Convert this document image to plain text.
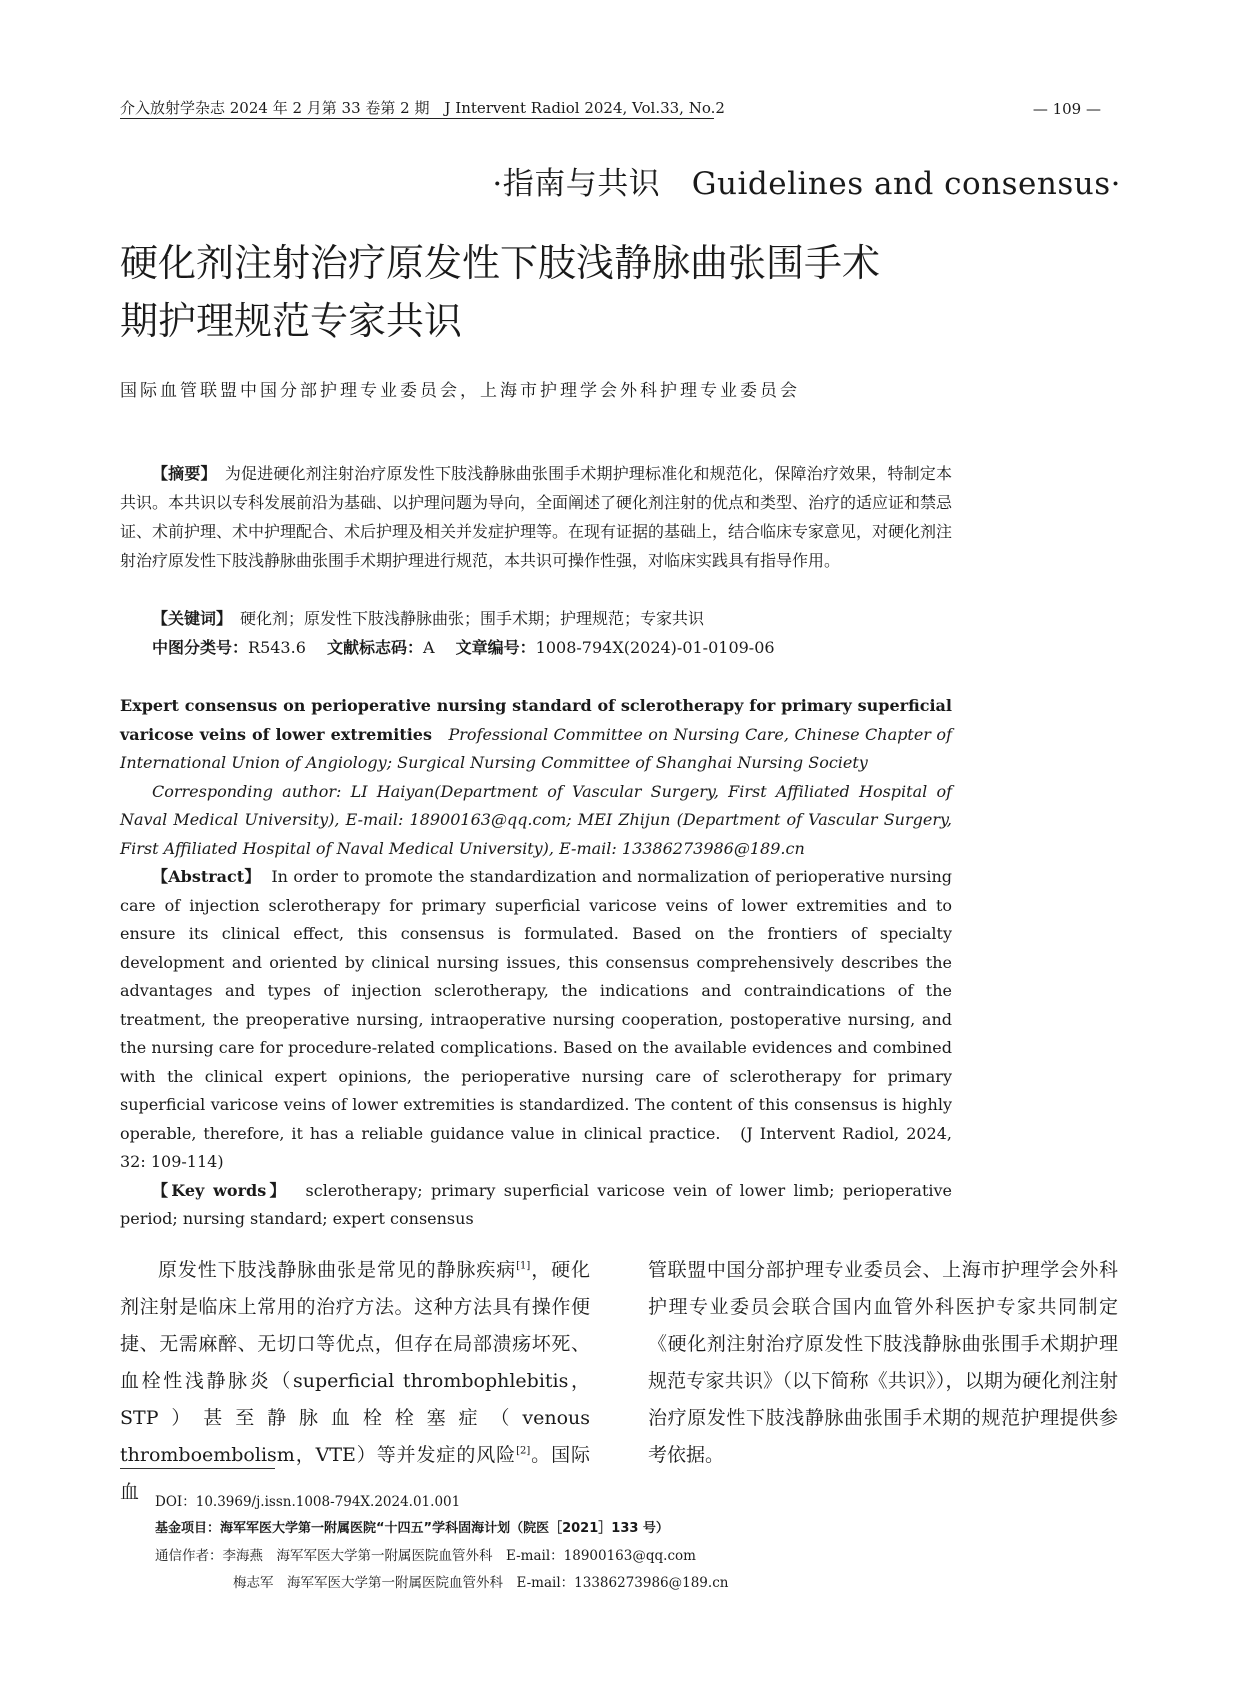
介入放射学杂志 2024 年 2 月第 33 卷第 2 期　J Intervent Radiol 2024, Vol.33, No.2	— 109 —
·指南与共识　Guidelines and consensus·
硬化剂注射治疗原发性下肢浅静脉曲张围手术
期护理规范专家共识
国际血管联盟中国分部护理专业委员会，上海市护理学会外科护理专业委员会
【摘要】　 为促进硬化剂注射治疗原发性下肢浅静脉曲张围手术期护理标准化和规范化，保障治疗效果，特制定本共识。本共识以专科发展前沿为基础、以护理问题为导向，全面阐述了硬化剂注射的优点和类型、治疗的适应证和禁忌证、术前护理、术中护理配合、术后护理及相关并发症护理等。在现有证据的基础上，结合临床专家意见，对硬化剂注射治疗原发性下肢浅静脉曲张围手术期护理进行规范，本共识可操作性强，对临床实践具有指导作用。
【关键词】　 硬化剂；原发性下肢浅静脉曲张；围手术期；护理规范；专家共识
中图分类号：R543.6　 文献标志码：A　 文章编号：1008-794X(2024)-01-0109-06

Expert consensus on perioperative nursing standard of sclerotherapy for primary superficial varicose veins of lower extremities Professional Committee on Nursing Care, Chinese Chapter of International Union of Angiology; Surgical Nursing Committee of Shanghai Nursing Society

Corresponding author: LI Haiyan(Department of Vascular Surgery, First Affiliated Hospital of Naval Medical University), E-mail: 18900163@qq.com; MEI Zhijun (Department of Vascular Surgery, First Affiliated Hospital of Naval Medical University), E-mail: 13386273986@189.cn

【Abstract】 In order to promote the standardization and normalization of perioperative nursing care of injection sclerotherapy for primary superficial varicose veins of lower extremities and to ensure its clinical effect, this consensus is formulated. Based on the frontiers of specialty development and oriented by clinical nursing issues, this consensus comprehensively describes the advantages and types of injection sclerotherapy, the indications and contraindications of the treatment, the preoperative nursing, intraoperative nursing cooperation, postoperative nursing, and the nursing care for procedure-related complications. Based on the available evidences and combined with the clinical expert opinions, the perioperative nursing care of sclerotherapy for primary superficial varicose veins of lower extremities is standardized. The content of this consensus is highly operable, therefore, it has a reliable guidance value in clinical practice.　(J Intervent Radiol, 2024, 32: 109-114)

【Key words】 sclerotherapy; primary superficial varicose vein of lower limb; perioperative period; nursing standard; expert consensus

原发性下肢浅静脉曲张是常见的静脉疾病[1]，硬化剂注射是临床上常用的治疗方法。这种方法具有操作便捷、无需麻醉、无切口等优点，但存在局部溃疡坏死、血栓性浅静脉炎（superficial thrombophlebitis，STP）甚至静脉血栓栓塞症（venous thromboembolism，VTE）等并发症的风险[2]。国际血
管联盟中国分部护理专业委员会、上海市护理学会外科护理专业委员会联合国内血管外科医护专家共同制定《硬化剂注射治疗原发性下肢浅静脉曲张围手术期护理规范专家共识》（以下简称《共识》），以期为硬化剂注射治疗原发性下肢浅静脉曲张围手术期的规范护理提供参考依据。
DOI：10.3969/j.issn.1008-794X.2024.01.001
基金项目：海军军医大学第一附属医院“十四五”学科固海计划（院医［2021］133 号）
通信作者：李海燕　海军军医大学第一附属医院血管外科　E-mail：18900163@qq.com
梅志军　海军军医大学第一附属医院血管外科　E-mail：13386273986@189.cn
